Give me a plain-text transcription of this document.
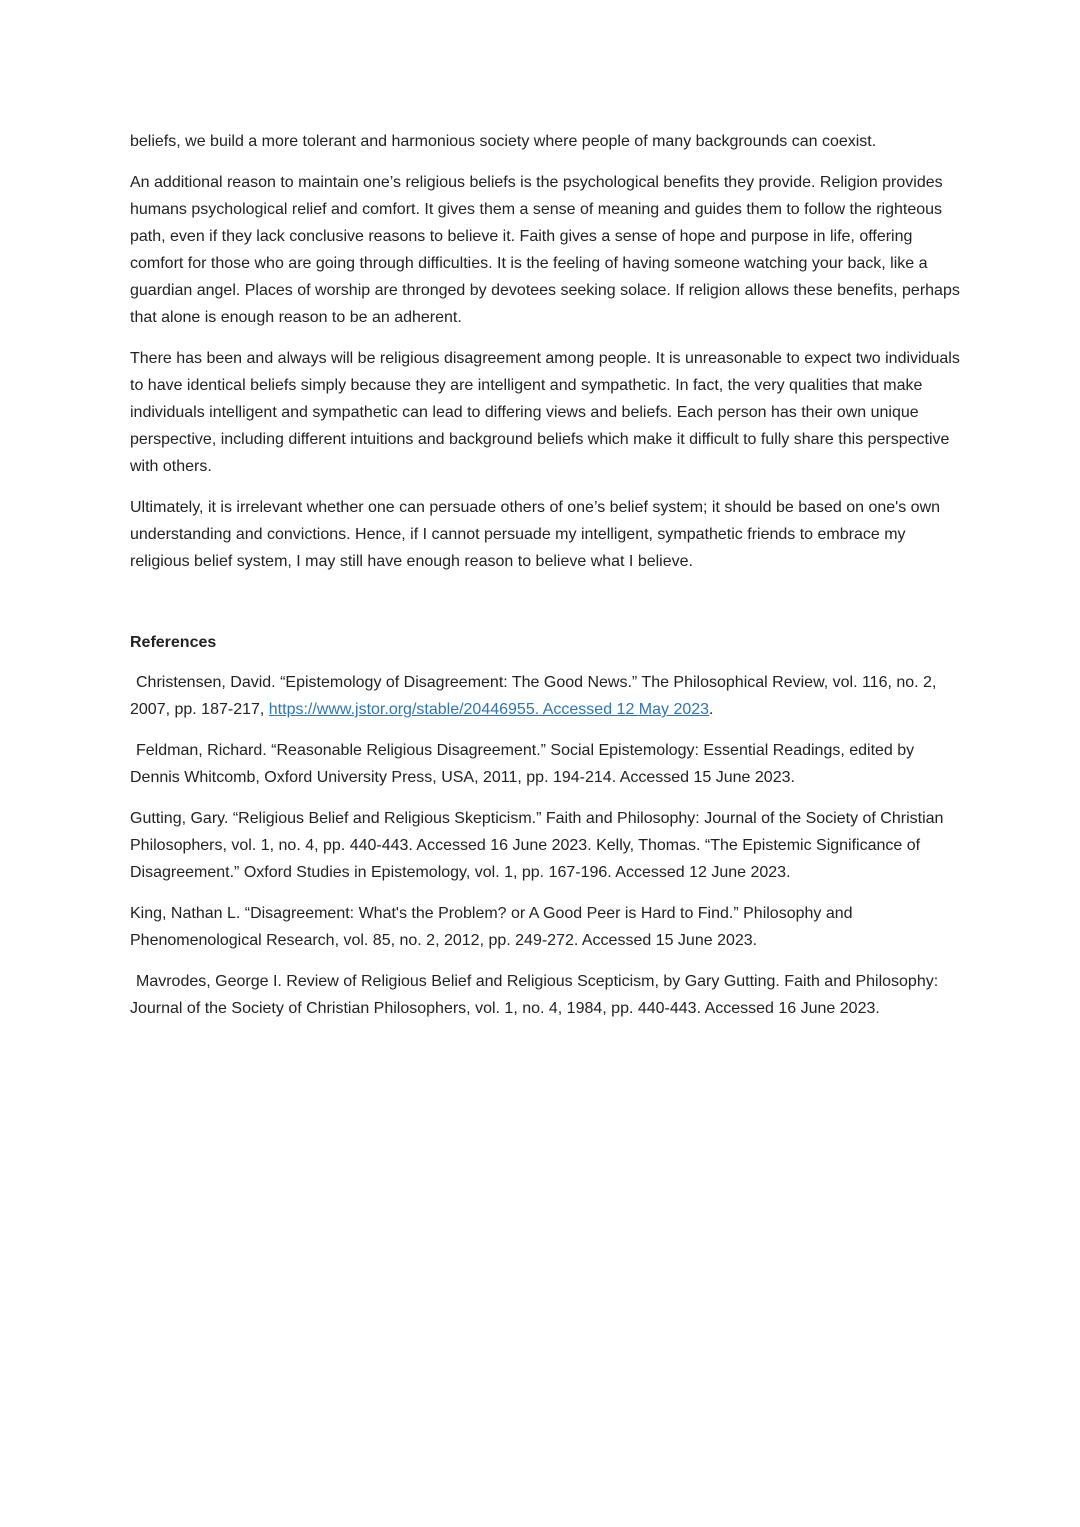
beliefs, we build a more tolerant and harmonious society where people of many backgrounds can coexist.

An additional reason to maintain one’s religious beliefs is the psychological benefits they provide. Religion provides humans psychological relief and comfort. It gives them a sense of meaning and guides them to follow the righteous path, even if they lack conclusive reasons to believe it. Faith gives a sense of hope and purpose in life, offering comfort for those who are going through difficulties. It is the feeling of having someone watching your back, like a guardian angel. Places of worship are thronged by devotees seeking solace. If religion allows these benefits, perhaps that alone is enough reason to be an adherent.

There has been and always will be religious disagreement among people. It is unreasonable to expect two individuals to have identical beliefs simply because they are intelligent and sympathetic. In fact, the very qualities that make individuals intelligent and sympathetic can lead to differing views and beliefs. Each person has their own unique perspective, including different intuitions and background beliefs which make it difficult to fully share this perspective with others.

Ultimately, it is irrelevant whether one can persuade others of one’s belief system; it should be based on one's own understanding and convictions. Hence, if I cannot persuade my intelligent, sympathetic friends to embrace my religious belief system, I may still have enough reason to believe what I believe.

References

Christensen, David. “Epistemology of Disagreement: The Good News.” The Philosophical Review, vol. 116, no. 2, 2007, pp. 187-217, https://www.jstor.org/stable/20446955. Accessed 12 May 2023.

Feldman, Richard. “Reasonable Religious Disagreement.” Social Epistemology: Essential Readings, edited by Dennis Whitcomb, Oxford University Press, USA, 2011, pp. 194-214. Accessed 15 June 2023.

Gutting, Gary. “Religious Belief and Religious Skepticism.” Faith and Philosophy: Journal of the Society of Christian Philosophers, vol. 1, no. 4, pp. 440-443. Accessed 16 June 2023. Kelly, Thomas. “The Epistemic Significance of Disagreement.” Oxford Studies in Epistemology, vol. 1, pp. 167-196. Accessed 12 June 2023.

King, Nathan L. “Disagreement: What's the Problem? or A Good Peer is Hard to Find.” Philosophy and Phenomenological Research, vol. 85, no. 2, 2012, pp. 249-272. Accessed 15 June 2023.

Mavrodes, George I. Review of Religious Belief and Religious Scepticism, by Gary Gutting. Faith and Philosophy: Journal of the Society of Christian Philosophers, vol. 1, no. 4, 1984, pp. 440-443. Accessed 16 June 2023.
